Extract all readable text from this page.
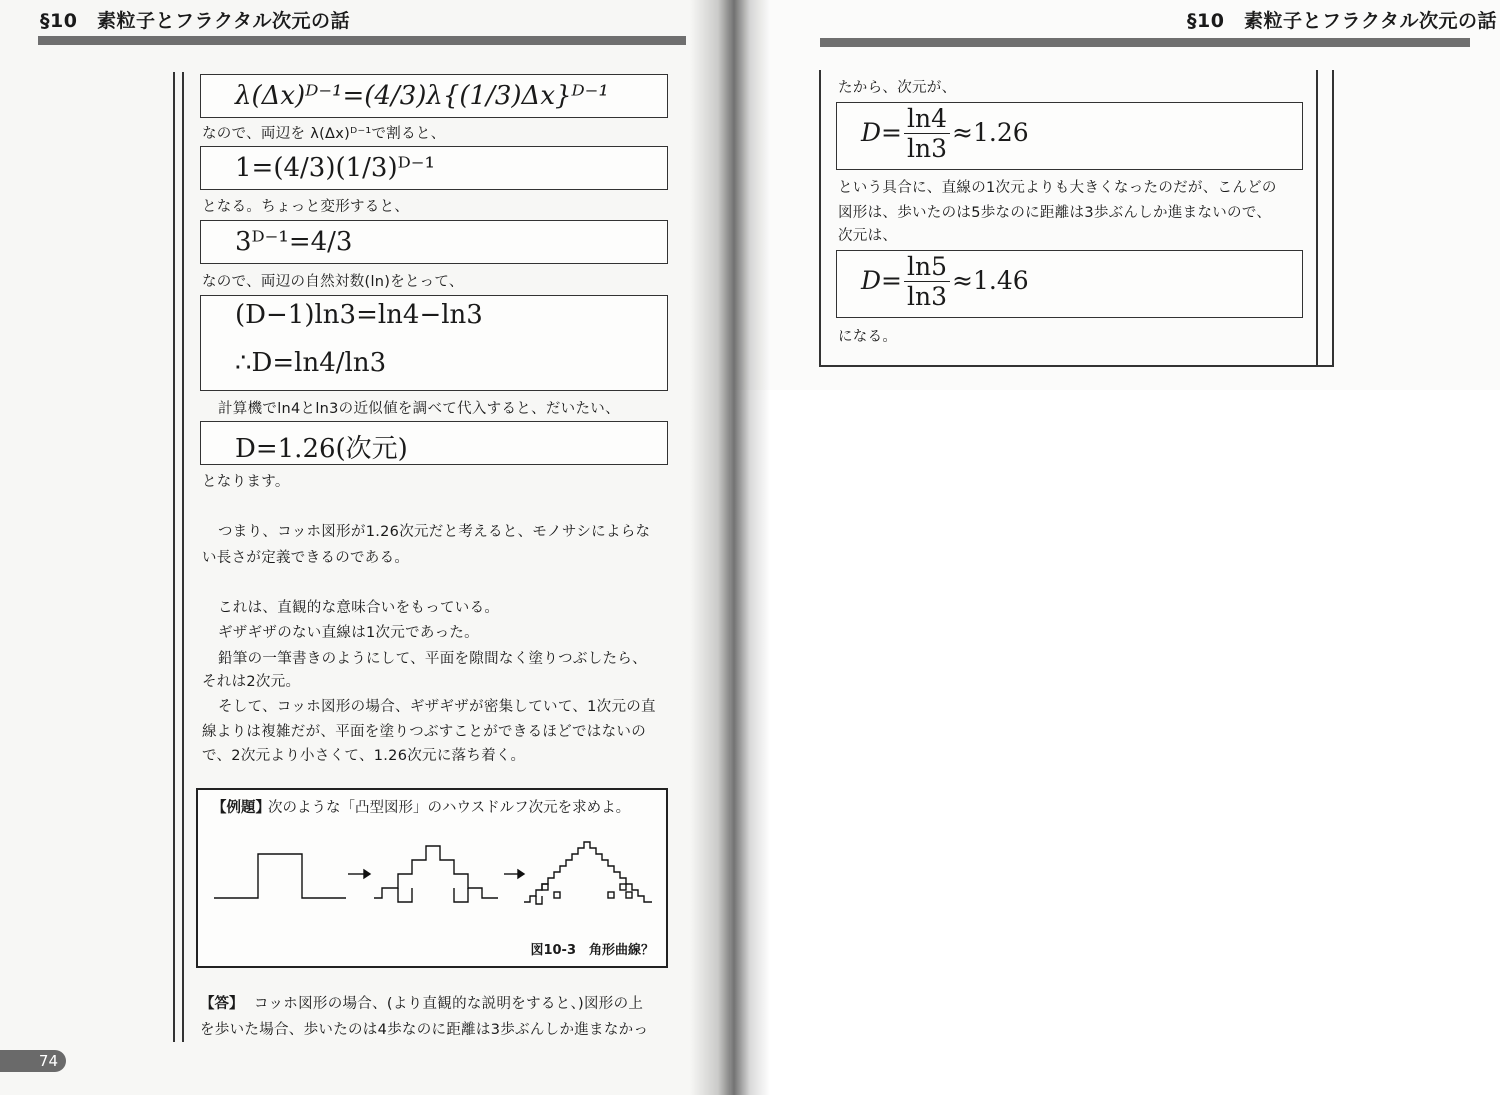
§10　素粒子とフラクタル次元の話	§10　素粒子とフラクタル次元の話
λ(Δx)ᴰ⁻¹=(4/3)λ{(1/3)Δx}ᴰ⁻¹
なので、両辺を λ(Δx)ᴰ⁻¹で割ると、
1=(4/3)(1/3)ᴰ⁻¹
となる。ちょっと変形すると、
3ᴰ⁻¹=4/3
なので、両辺の自然対数(ln)をとって、
(D−1)ln3=ln4−ln3
∴D=ln4/ln3
計算機でln4とln3の近似値を調べて代入すると、だいたい、
D=1.26(次元)
となります。
つまり、コッホ図形が1.26次元だと考えると、モノサシによらな
い長さが定義できるのである。
これは、直観的な意味合いをもっている。
ギザギザのない直線は1次元であった。
鉛筆の一筆書きのようにして、平面を隙間なく塗りつぶしたら、
それは2次元。
そして、コッホ図形の場合、ギザギザが密集していて、1次元の直
線よりは複雑だが、平面を塗りつぶすことができるほどではないの
で、2次元より小さくて、1.26次元に落ち着く。
【例題】
次のような「凸型図形」のハウスドルフ次元を求めよ。
図10-3　角形曲線？
【答】 コッホ図形の場合、(より直観的な説明をすると、)図形の上
を歩いた場合、歩いたのは4歩なのに距離は3歩ぶんしか進まなかっ
74
たから、次元が、
$D= \frac{\ln 4}{\ln 3} \approx 1.26$
という具合に、直線の1次元よりも大きくなったのだが、こんどの
図形は、歩いたのは5歩なのに距離は3歩ぶんしか進まないので、
次元は、
$D= \frac{\ln 5}{\ln 3} \approx 1.46$
になる。
